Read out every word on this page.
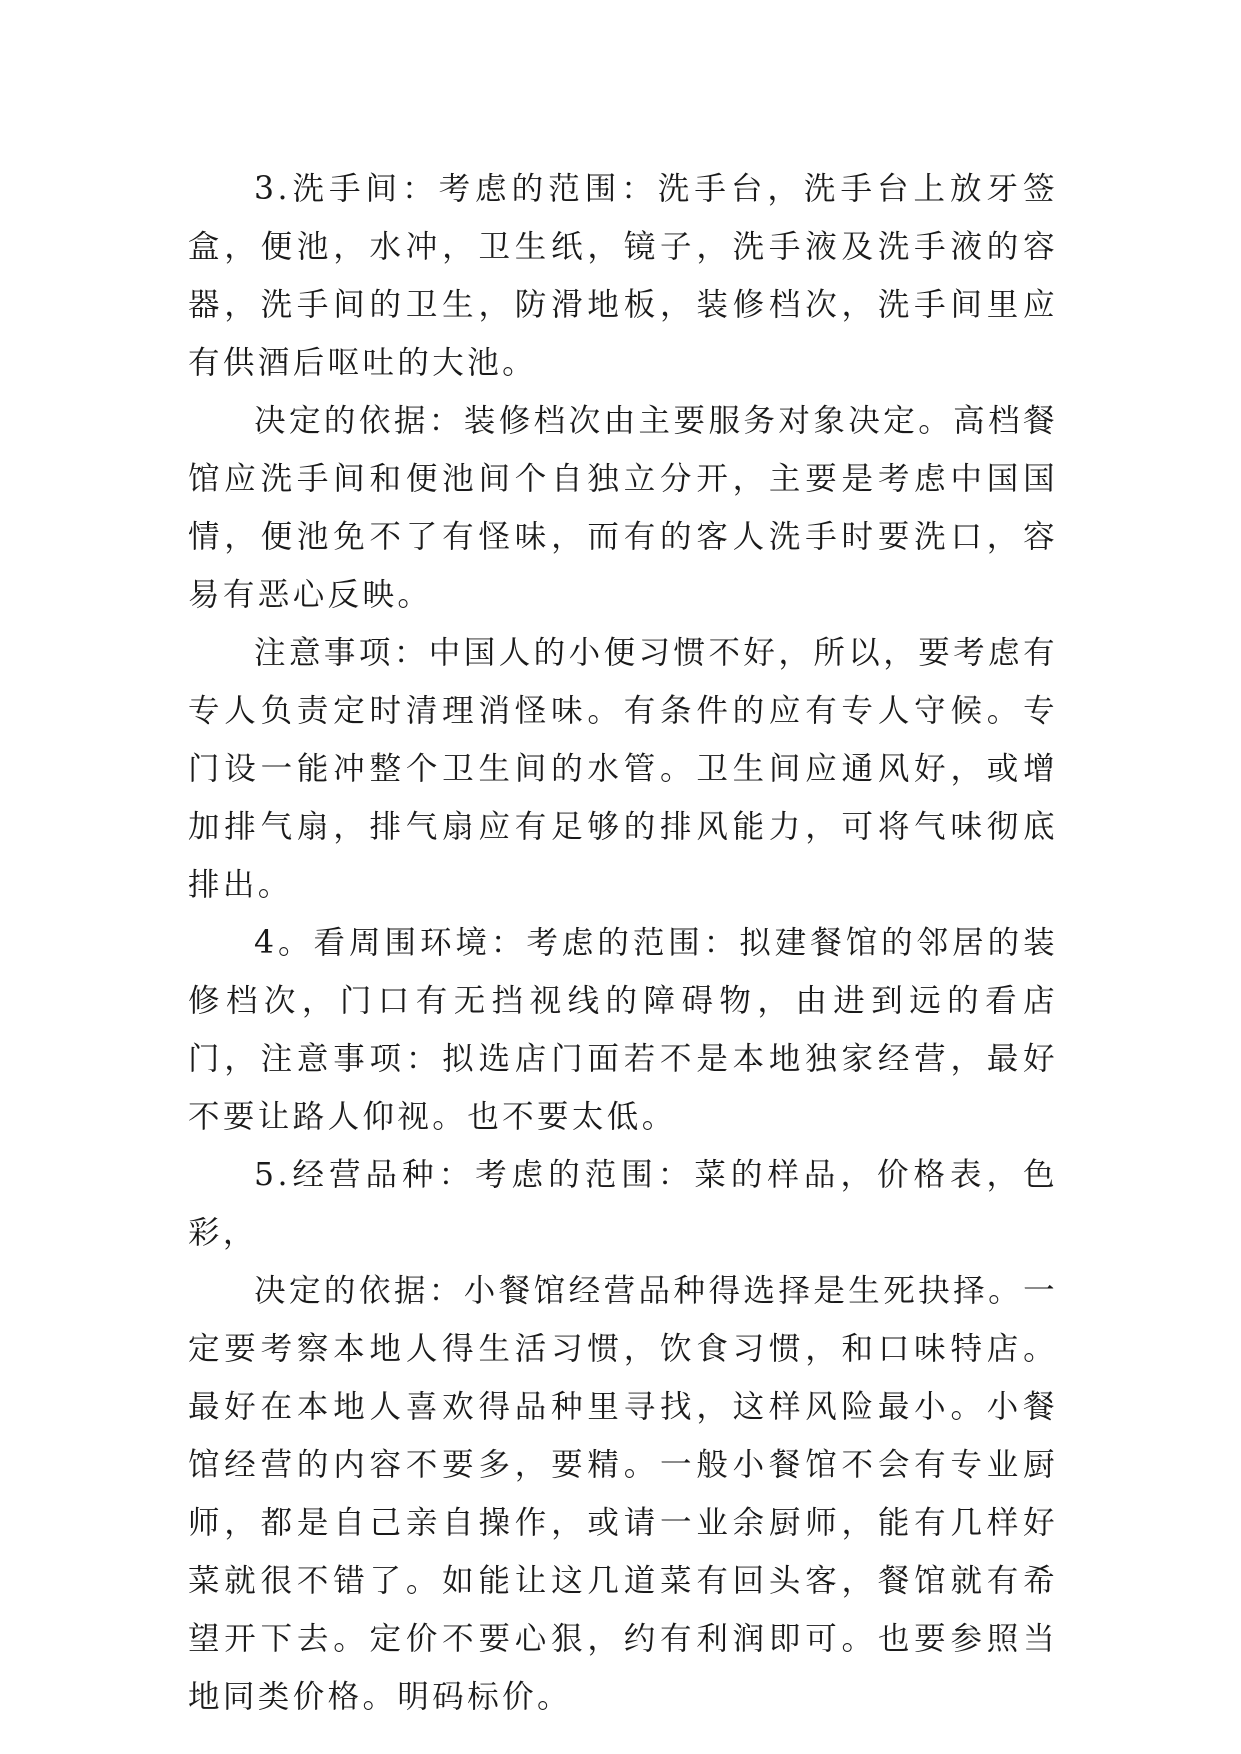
3.洗手间：考虑的范围：洗手台，洗手台上放牙签盒，便池，水冲，卫生纸，镜子，洗手液及洗手液的容器，洗手间的卫生，防滑地板，装修档次，洗手间里应有供酒后呕吐的大池。

决定的依据：装修档次由主要服务对象决定。高档餐馆应洗手间和便池间个自独立分开，主要是考虑中国国情，便池免不了有怪味，而有的客人洗手时要洗口，容易有恶心反映。

注意事项：中国人的小便习惯不好，所以，要考虑有专人负责定时清理消怪味。有条件的应有专人守候。专门设一能冲整个卫生间的水管。卫生间应通风好，或增加排气扇，排气扇应有足够的排风能力，可将气味彻底排出。

4。看周围环境：考虑的范围：拟建餐馆的邻居的装修档次，门口有无挡视线的障碍物，由进到远的看店门，注意事项：拟选店门面若不是本地独家经营，最好不要让路人仰视。也不要太低。

5.经营品种：考虑的范围：菜的样品，价格表，色彩，

决定的依据：小餐馆经营品种得选择是生死抉择。一定要考察本地人得生活习惯，饮食习惯，和口味特店。最好在本地人喜欢得品种里寻找，这样风险最小。小餐馆经营的内容不要多，要精。一般小餐馆不会有专业厨师，都是自己亲自操作，或请一业余厨师，能有几样好菜就很不错了。如能让这几道菜有回头客，餐馆就有希望开下去。定价不要心狠，约有利润即可。也要参照当地同类价格。明码标价。
